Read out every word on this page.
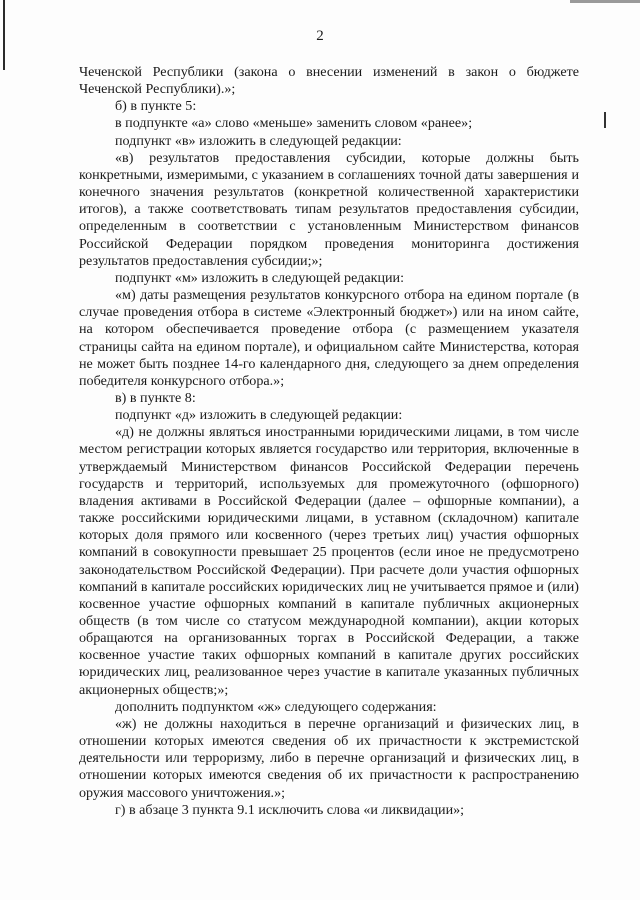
2

Чеченской Республики (закона о внесении изменений в закон о бюджете Чеченской Республики).»;

б) в пункте 5:

в подпункте «а» слово «меньше» заменить словом «ранее»;

подпункт «в» изложить в следующей редакции:

«в) результатов предоставления субсидии, которые должны быть конкретными, измеримыми, с указанием в соглашениях точной даты завершения и конечного значения результатов (конкретной количественной характеристики итогов), а также соответствовать типам результатов предоставления субсидии, определенным в соответствии с установленным Министерством финансов Российской Федерации порядком проведения мониторинга достижения результатов предоставления субсидии;»;

подпункт «м» изложить в следующей редакции:

«м) даты размещения результатов конкурсного отбора на едином портале (в случае проведения отбора в системе «Электронный бюджет») или на ином сайте, на котором обеспечивается проведение отбора (с размещением указателя страницы сайта на едином портале), и официальном сайте Министерства, которая не может быть позднее 14-го календарного дня, следующего за днем определения победителя конкурсного отбора.»;

в) в пункте 8:

подпункт «д» изложить в следующей редакции:

«д) не должны являться иностранными юридическими лицами, в том числе местом регистрации которых является государство или территория, включенные в утверждаемый Министерством финансов Российской Федерации перечень государств и территорий, используемых для промежуточного (офшорного) владения активами в Российской Федерации (далее – офшорные компании), а также российскими юридическими лицами, в уставном (складочном) капитале которых доля прямого или косвенного (через третьих лиц) участия офшорных компаний в совокупности превышает 25 процентов (если иное не предусмотрено законодательством Российской Федерации). При расчете доли участия офшорных компаний в капитале российских юридических лиц не учитывается прямое и (или) косвенное участие офшорных компаний в капитале публичных акционерных обществ (в том числе со статусом международной компании), акции которых обращаются на организованных торгах в Российской Федерации, а также косвенное участие таких офшорных компаний в капитале других российских юридических лиц, реализованное через участие в капитале указанных публичных акционерных обществ;»;

дополнить подпунктом «ж» следующего содержания:

«ж) не должны находиться в перечне организаций и физических лиц, в отношении которых имеются сведения об их причастности к экстремистской деятельности или терроризму, либо в перечне организаций и физических лиц, в отношении которых имеются сведения об их причастности к распространению оружия массового уничтожения.»;

г) в абзаце 3 пункта 9.1 исключить слова «и ликвидации»;
